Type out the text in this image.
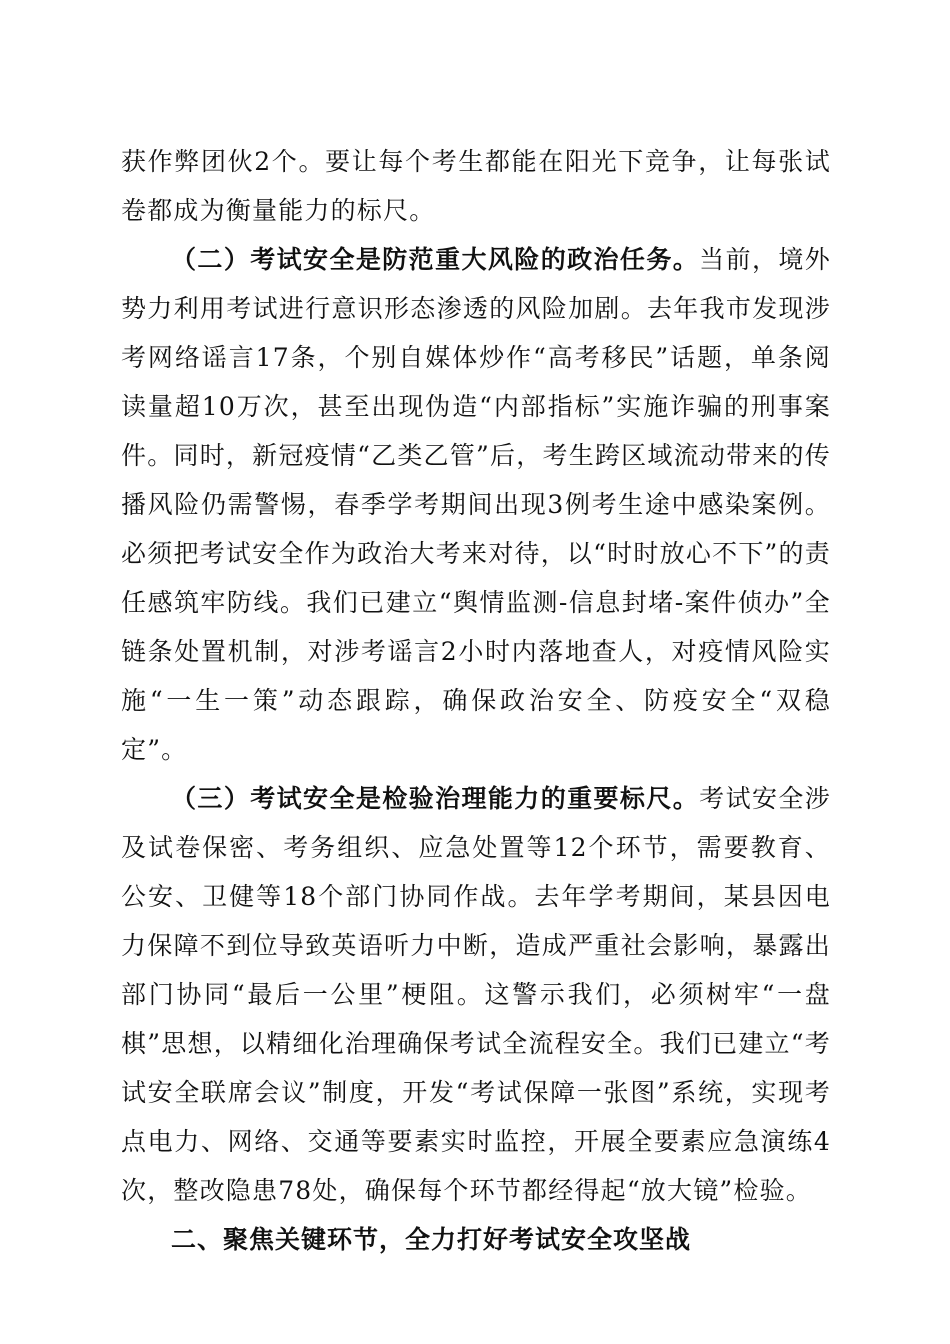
获作弊团伙2个。要让每个考生都能在阳光下竞争，让每张试卷都成为衡量能力的标尺。

（二）考试安全是防范重大风险的政治任务。当前，境外势力利用考试进行意识形态渗透的风险加剧。去年我市发现涉考网络谣言17条，个别自媒体炒作“高考移民”话题，单条阅读量超10万次，甚至出现伪造“内部指标”实施诈骗的刑事案件。同时，新冠疫情“乙类乙管”后，考生跨区域流动带来的传播风险仍需警惕，春季学考期间出现3例考生途中感染案例。必须把考试安全作为政治大考来对待，以“时时放心不下”的责任感筑牢防线。我们已建立“舆情监测-信息封堵-案件侦办”全链条处置机制，对涉考谣言2小时内落地查人，对疫情风险实施“一生一策”动态跟踪，确保政治安全、防疫安全“双稳定”。

（三）考试安全是检验治理能力的重要标尺。考试安全涉及试卷保密、考务组织、应急处置等12个环节，需要教育、公安、卫健等18个部门协同作战。去年学考期间，某县因电力保障不到位导致英语听力中断，造成严重社会影响，暴露出部门协同“最后一公里”梗阻。这警示我们，必须树牢“一盘棋”思想，以精细化治理确保考试全流程安全。我们已建立“考试安全联席会议”制度，开发“考试保障一张图”系统，实现考点电力、网络、交通等要素实时监控，开展全要素应急演练4次，整改隐患78处，确保每个环节都经得起“放大镜”检验。

二、聚焦关键环节，全力打好考试安全攻坚战
